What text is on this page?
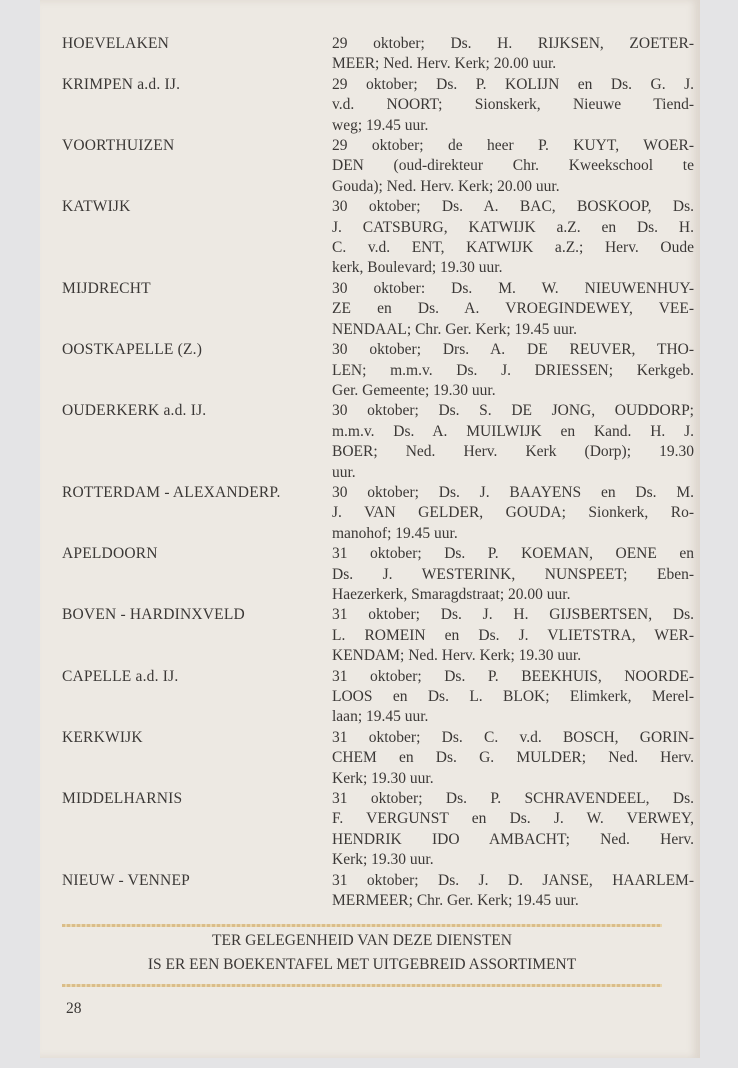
HOEVELAKEN	29 oktober; Ds. H. RIJKSEN, ZOETER-
MEER; Ned. Herv. Kerk; 20.00 uur.
KRIMPEN a.d. IJ.	29 oktober; Ds. P. KOLIJN en Ds. G. J.
v.d. NOORT; Sionskerk, Nieuwe Tiend-
weg; 19.45 uur.
VOORTHUIZEN	29 oktober; de heer P. KUYT, WOER-
DEN (oud-direkteur Chr. Kweekschool te
Gouda); Ned. Herv. Kerk; 20.00 uur.
KATWIJK	30 oktober; Ds. A. BAC, BOSKOOP, Ds.
J. CATSBURG, KATWIJK a.Z. en Ds. H.
C. v.d. ENT, KATWIJK a.Z.; Herv. Oude
kerk, Boulevard; 19.30 uur.
MIJDRECHT	30 oktober: Ds. M. W. NIEUWENHUY-
ZE en Ds. A. VROEGINDEWEY, VEE-
NENDAAL; Chr. Ger. Kerk; 19.45 uur.
OOSTKAPELLE (Z.)	30 oktober; Drs. A. DE REUVER, THO-
LEN; m.m.v. Ds. J. DRIESSEN; Kerkgeb.
Ger. Gemeente; 19.30 uur.
OUDERKERK a.d. IJ.	30 oktober; Ds. S. DE JONG, OUDDORP;
m.m.v. Ds. A. MUILWIJK en Kand. H. J.
BOER; Ned. Herv. Kerk (Dorp); 19.30
uur.
ROTTERDAM - ALEXANDERP.	30 oktober; Ds. J. BAAYENS en Ds. M.
J. VAN GELDER, GOUDA; Sionkerk, Ro-
manohof; 19.45 uur.
APELDOORN	31 oktober; Ds. P. KOEMAN, OENE en
Ds. J. WESTERINK, NUNSPEET; Eben-
Haezerkerk, Smaragdstraat; 20.00 uur.
BOVEN - HARDINXVELD	31 oktober; Ds. J. H. GIJSBERTSEN, Ds.
L. ROMEIN en Ds. J. VLIETSTRA, WER-
KENDAM; Ned. Herv. Kerk; 19.30 uur.
CAPELLE a.d. IJ.	31 oktober; Ds. P. BEEKHUIS, NOORDE-
LOOS en Ds. L. BLOK; Elimkerk, Merel-
laan; 19.45 uur.
KERKWIJK	31 oktober; Ds. C. v.d. BOSCH, GORIN-
CHEM en Ds. G. MULDER; Ned. Herv.
Kerk; 19.30 uur.
MIDDELHARNIS	31 oktober; Ds. P. SCHRAVENDEEL, Ds.
F. VERGUNST en Ds. J. W. VERWEY,
HENDRIK IDO AMBACHT; Ned. Herv.
Kerk; 19.30 uur.
NIEUW - VENNEP	31 oktober; Ds. J. D. JANSE, HAARLEM-
MERMEER; Chr. Ger. Kerk; 19.45 uur.
TER GELEGENHEID VAN DEZE DIENSTEN
IS ER EEN BOEKENTAFEL MET UITGEBREID ASSORTIMENT
28
